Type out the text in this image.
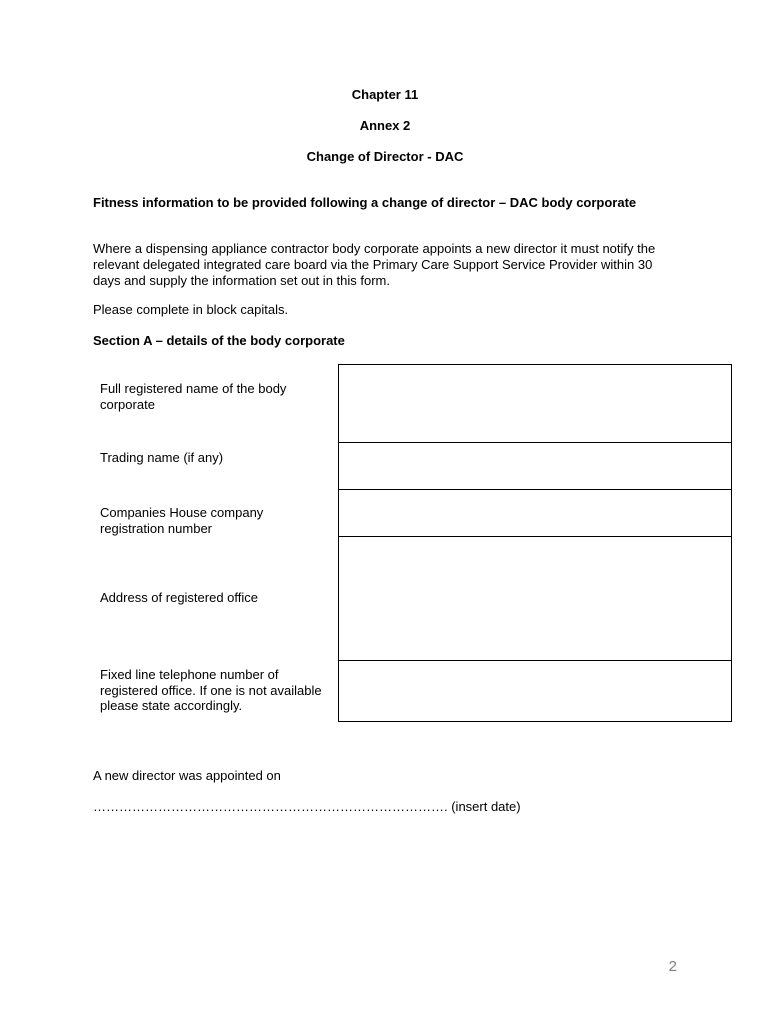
Chapter 11
Annex 2
Change of Director - DAC
Fitness information to be provided following a change of director – DAC body corporate
Where a dispensing appliance contractor body corporate appoints a new director it must notify the relevant delegated integrated care board via the Primary Care Support Service Provider within 30 days and supply the information set out in this form.
Please complete in block capitals.
Section A – details of the body corporate
Full registered name of the body corporate
Trading name (if any)
Companies House company registration number
Address of registered office
Fixed line telephone number of registered office. If one is not available please state accordingly.
A new director was appointed on
………………………………………………………………………. (insert date)
2
